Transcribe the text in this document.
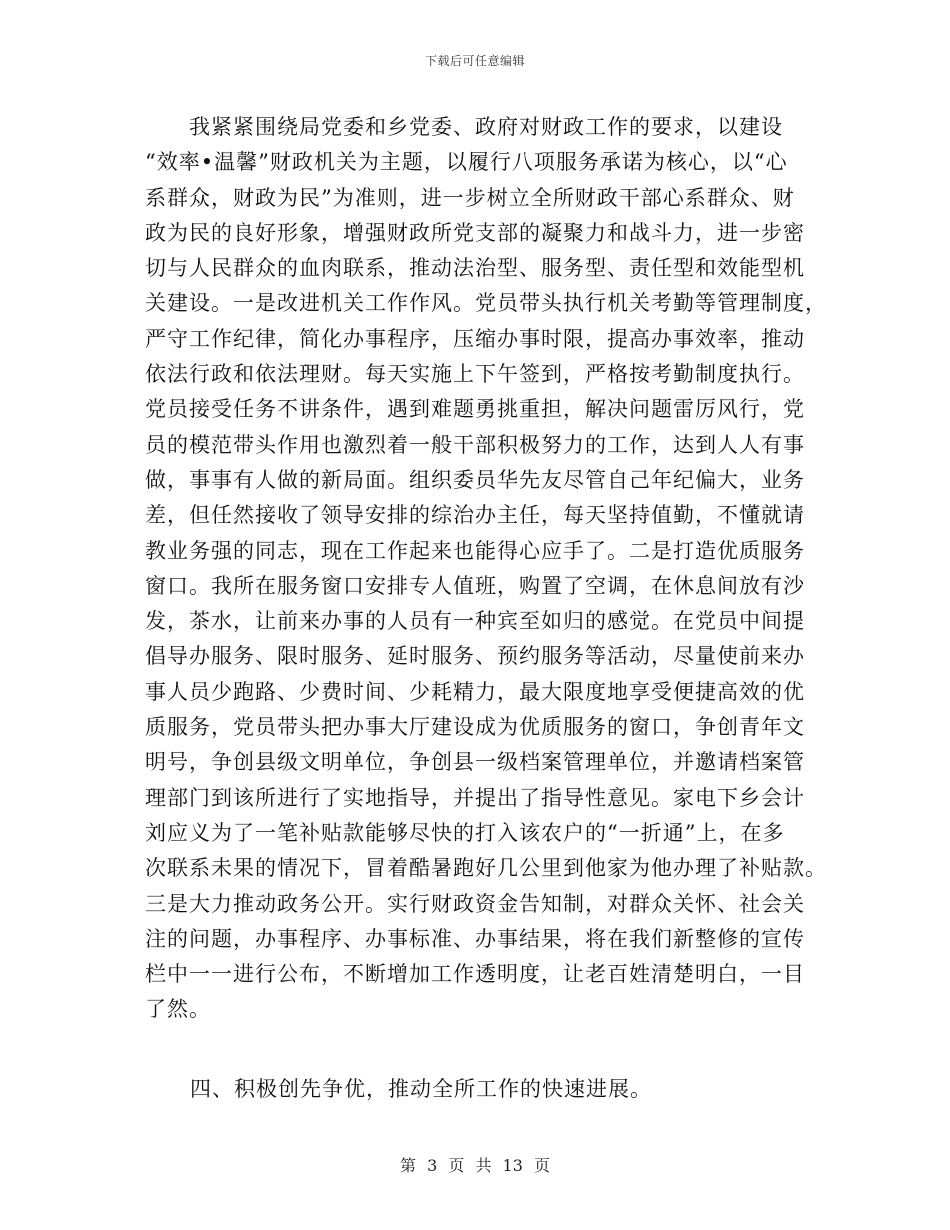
下载后可任意编辑
　　我紧紧围绕局党委和乡党委、政府对财政工作的要求，以建设
“效率•温馨”财政机关为主题，以履行八项服务承诺为核心，以“心
系群众，财政为民”为准则，进一步树立全所财政干部心系群众、财
政为民的良好形象，增强财政所党支部的凝聚力和战斗力，进一步密
切与人民群众的血肉联系，推动法治型、服务型、责任型和效能型机
关建设。一是改进机关工作作风。党员带头执行机关考勤等管理制度，
严守工作纪律，简化办事程序，压缩办事时限，提高办事效率，推动
依法行政和依法理财。每天实施上下午签到，严格按考勤制度执行。
党员接受任务不讲条件，遇到难题勇挑重担，解决问题雷厉风行，党
员的模范带头作用也激烈着一般干部积极努力的工作，达到人人有事
做，事事有人做的新局面。组织委员华先友尽管自己年纪偏大，业务
差，但任然接收了领导安排的综治办主任，每天坚持值勤，不懂就请
教业务强的同志，现在工作起来也能得心应手了。二是打造优质服务
窗口。我所在服务窗口安排专人值班，购置了空调，在休息间放有沙
发，茶水，让前来办事的人员有一种宾至如归的感觉。在党员中间提
倡导办服务、限时服务、延时服务、预约服务等活动，尽量使前来办
事人员少跑路、少费时间、少耗精力，最大限度地享受便捷高效的优
质服务，党员带头把办事大厅建设成为优质服务的窗口，争创青年文
明号，争创县级文明单位，争创县一级档案管理单位，并邀请档案管
理部门到该所进行了实地指导，并提出了指导性意见。家电下乡会计
刘应义为了一笔补贴款能够尽快的打入该农户的“一折通”上，在多
次联系未果的情况下，冒着酷暑跑好几公里到他家为他办理了补贴款。
三是大力推动政务公开。实行财政资金告知制，对群众关怀、社会关
注的问题，办事程序、办事标准、办事结果，将在我们新整修的宣传
栏中一一进行公布，不断增加工作透明度，让老百姓清楚明白，一目
了然。
四、积极创先争优，推动全所工作的快速进展。
第 3 页 共 13 页
